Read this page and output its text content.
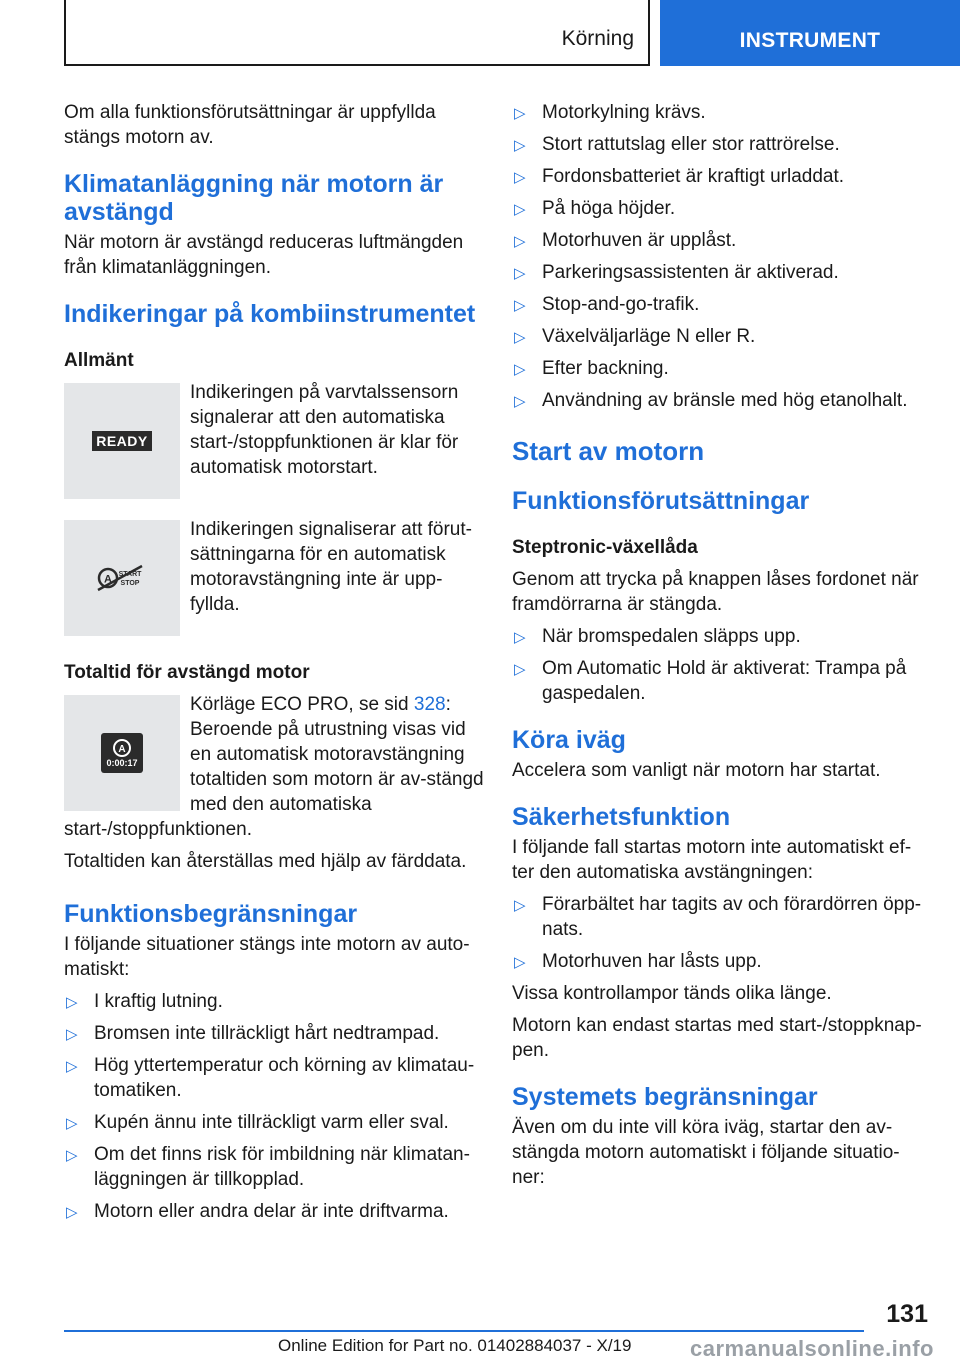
Körning	INSTRUMENT

Om alla funktionsförutsättningar är uppfyllda stängs motorn av.

Klimatanläggning när motorn är avstängd

När motorn är avstängd reduceras luftmängden från klimatanläggningen.

Indikeringar på kombiinstrumentet
Allmänt
READY

Indikeringen på varvtalssensorn signalerar att den automatiska start-/stoppfunktionen är klar för automatisk motorstart.

A START
STOP

Indikeringen signaliserar att förut-sättningarna för en automatisk motoravstängning inte är upp-fyllda.

Totaltid för avstängd motor
A
0:00:17

Körläge ECO PRO, se sid 328: Beroende på utrustning visas vid en automatisk motoravstängning totaltiden som motorn är av-stängd med den automatiska start-/stoppfunktionen.

Totaltiden kan återställas med hjälp av färddata.

Funktionsbegränsningar

I följande situationer stängs inte motorn av auto-matiskt:

▷ I kraftig lutning.
▷ Bromsen inte tillräckligt hårt nedtrampad.
▷ Hög yttertemperatur och körning av klimatau-tomatiken.
▷ Kupén ännu inte tillräckligt varm eller sval.
▷ Om det finns risk för imbildning när klimatan-läggningen är tillkopplad.
▷ Motorn eller andra delar är inte driftvarma.
▷ Motorkylning krävs.
▷ Stort rattutslag eller stor rattrörelse.
▷ Fordonsbatteriet är kraftigt urladdat.
▷ På höga höjder.
▷ Motorhuven är upplåst.
▷ Parkeringsassistenten är aktiverad.
▷ Stop-and-go-trafik.
▷ Växelväljarläge N eller R.
▷ Efter backning.
▷ Användning av bränsle med hög etanolhalt.
Start av motorn
Funktionsförutsättningar
Steptronic-växellåda

Genom att trycka på knappen låses fordonet när framdörrarna är stängda.

▷ När bromspedalen släpps upp.
▷ Om Automatic Hold är aktiverat: Trampa på gaspedalen.
Köra iväg

Accelera som vanligt när motorn har startat.

Säkerhetsfunktion

I följande fall startas motorn inte automatiskt ef-ter den automatiska avstängningen:

▷ Förarbältet har tagits av och förardörren öpp-nats.
▷ Motorhuven har låsts upp.

Vissa kontrollampor tänds olika länge.

Motorn kan endast startas med start-/stoppknap-pen.

Systemets begränsningar

Även om du inte vill köra iväg, startar den av-stängda motorn automatiskt i följande situatio-ner:

131
Online Edition for Part no. 01402884037 - X/19	carmanualsonline.info
